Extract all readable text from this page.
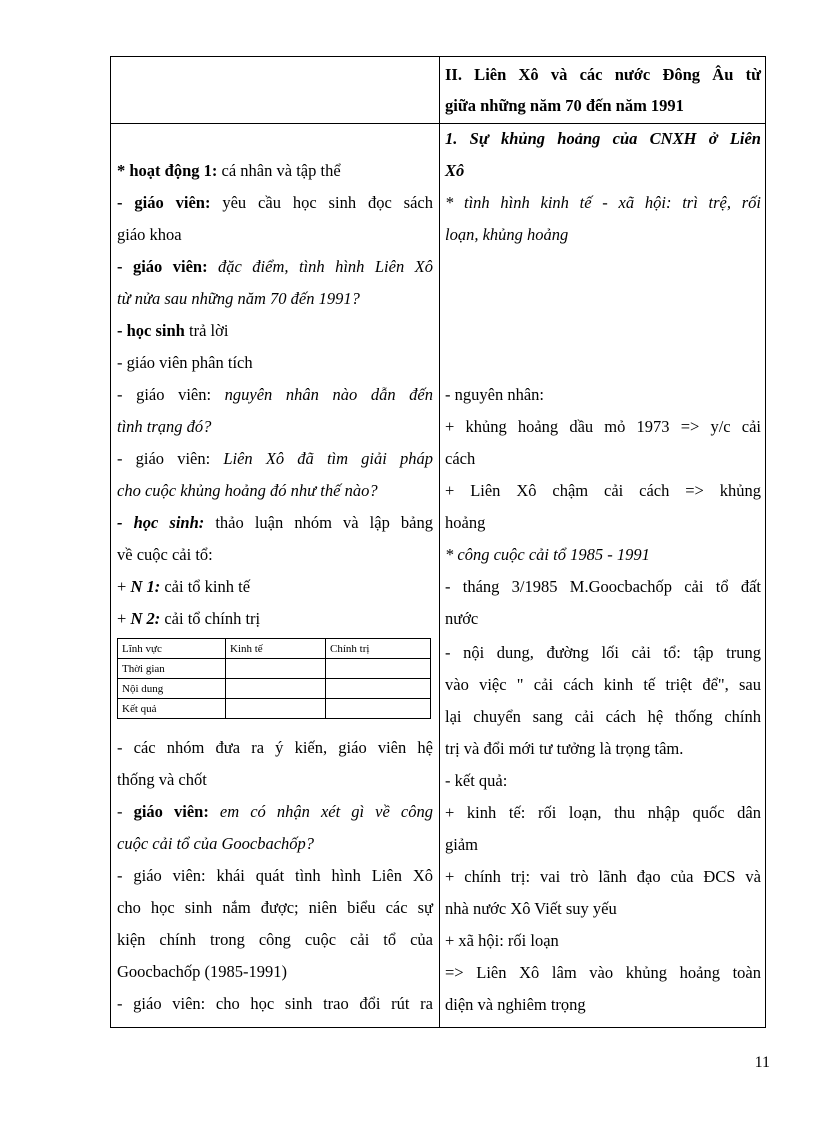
II. Liên Xô và các nước Đông Âu từ
giữa những năm 70 đến năm 1991
* hoạt động 1: cá nhân và tập thể
- giáo viên: yêu cầu học sinh đọc sách
giáo khoa
- giáo viên: đặc điểm, tình hình Liên Xô
từ nửa sau những năm 70 đến 1991?
- học sinh trả lời
- giáo viên phân tích
- giáo viên: nguyên nhân nào dẫn đến
tình trạng đó?
- giáo viên: Liên Xô đã tìm giải pháp
cho cuộc khủng hoảng đó như thế nào?
- học sinh: thảo luận nhóm và lập bảng
về cuộc cải tổ:
+ N 1: cải tổ kinh tế
+ N 2: cải tổ chính trị
Lĩnh vực	Kinh tế	Chính trị
Thời gian		
Nội dung		
Kết quả		
- các nhóm đưa ra ý kiến, giáo viên hệ
thống và chốt
- giáo viên: em có nhận xét gì về công
cuộc cải tổ của Goocbachốp?
- giáo viên: khái quát tình hình Liên Xô
cho học sinh nắm được; niên biểu các sự
kiện chính trong công cuộc cải tổ của
Goocbachốp (1985-1991)
- giáo viên: cho học sinh trao đổi rút ra
1. Sự khủng hoảng của CNXH ở Liên
Xô
* tình hình kinh tế - xã hội: trì trệ, rối
loạn, khủng hoảng
- nguyên nhân:
+ khủng hoảng dầu mỏ 1973 => y/c cải
cách
+ Liên Xô chậm cải cách => khủng
hoảng
* công cuộc cải tổ 1985 - 1991
- tháng 3/1985 M.Goocbachốp cải tổ đất
nước
- nội dung, đường lối cải tổ: tập trung
vào việc " cải cách kinh tế triệt để", sau
lại chuyển sang cải cách hệ thống chính
trị và đổi mới tư tưởng là trọng tâm.
- kết quả:
+ kinh tế: rối loạn, thu nhập quốc dân
giảm
+ chính trị: vai trò lãnh đạo của ĐCS và
nhà nước Xô Viết suy yếu
+ xã hội: rối loạn
=> Liên Xô lâm vào khủng hoảng toàn
diện và nghiêm trọng
11
